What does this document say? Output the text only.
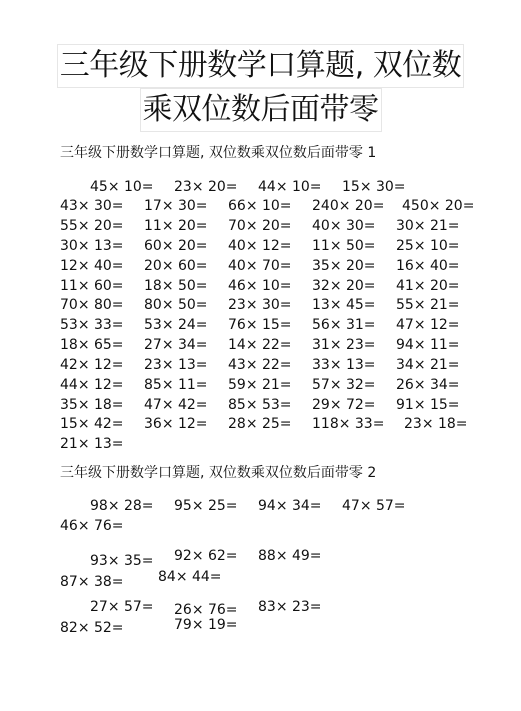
三年级下册数学口算题, 双位数
乘双位数后面带零
三年级下册数学口算题, 双位数乘双位数后面带零 1
45× 10= 23× 20= 44× 10= 15× 30=
43× 30= 17× 30= 66× 10= 240× 20= 450× 20=
55× 20= 11× 20= 70× 20= 40× 30= 30× 21=
30× 13= 60× 20= 40× 12= 11× 50= 25× 10=
12× 40= 20× 60= 40× 70= 35× 20= 16× 40=
11× 60= 18× 50= 46× 10= 32× 20= 41× 20=
70× 80= 80× 50= 23× 30= 13× 45= 55× 21=
53× 33= 53× 24= 76× 15= 56× 31= 47× 12=
18× 65= 27× 34= 14× 22= 31× 23= 94× 11=
42× 12= 23× 13= 43× 22= 33× 13= 34× 21=
44× 12= 85× 11= 59× 21= 57× 32= 26× 34=
35× 18= 47× 42= 85× 53= 29× 72= 91× 15=
15× 42= 36× 12= 28× 25= 118× 33= 23× 18=
21× 13=
三年级下册数学口算题, 双位数乘双位数后面带零 2
98× 28= 95× 25= 94× 34= 47× 57=
46× 76=
93× 35= 92× 62= 88× 49=
87× 38= 84× 44=
27× 57= 26× 76= 83× 23=
82× 52=	79× 19=
